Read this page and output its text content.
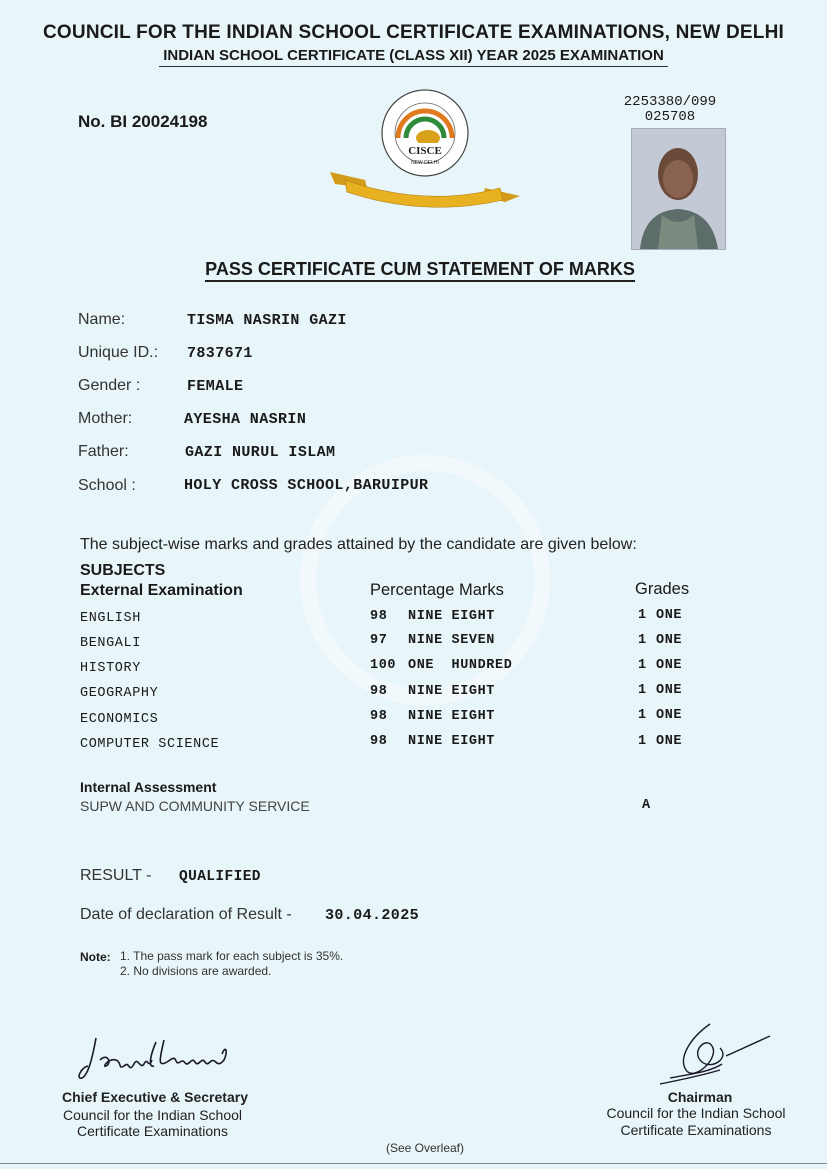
COUNCIL FOR THE INDIAN SCHOOL CERTIFICATE EXAMINATIONS, NEW DELHI
INDIAN SCHOOL CERTIFICATE (CLASS XII) YEAR 2025 EXAMINATION
No. BI 20024198
2253380/099
025708
CISCE
NEW DELHI
PASS CERTIFICATE CUM STATEMENT OF MARKS
Name:	TISMA NASRIN GAZI
Unique ID.: 7837671
Gender :	FEMALE
Mother:	AYESHA NASRIN
Father:	GAZI NURUL ISLAM
School :	HOLY CROSS SCHOOL,BARUIPUR
The subject-wise marks and grades attained by the candidate are given below:
SUBJECTS
External Examination	Percentage Marks	Grades
ENGLISH	98 NINE EIGHT	1 ONE
BENGALI	97 NINE SEVEN	1 ONE
HISTORY	100 ONE  HUNDRED	1 ONE
GEOGRAPHY	98 NINE EIGHT	1 ONE
ECONOMICS	98 NINE EIGHT	1 ONE
COMPUTER SCIENCE	98 NINE EIGHT	1 ONE
Internal Assessment
SUPW AND COMMUNITY SERVICE	A
RESULT - QUALIFIED
Date of declaration of Result - 30.04.2025
Note: 1. The pass mark for each subject is 35%.
2. No divisions are awarded.
Chief Executive & Secretary
Council for the Indian School
Certificate Examinations
Chairman
Council for the Indian School
Certificate Examinations
(See Overleaf)
